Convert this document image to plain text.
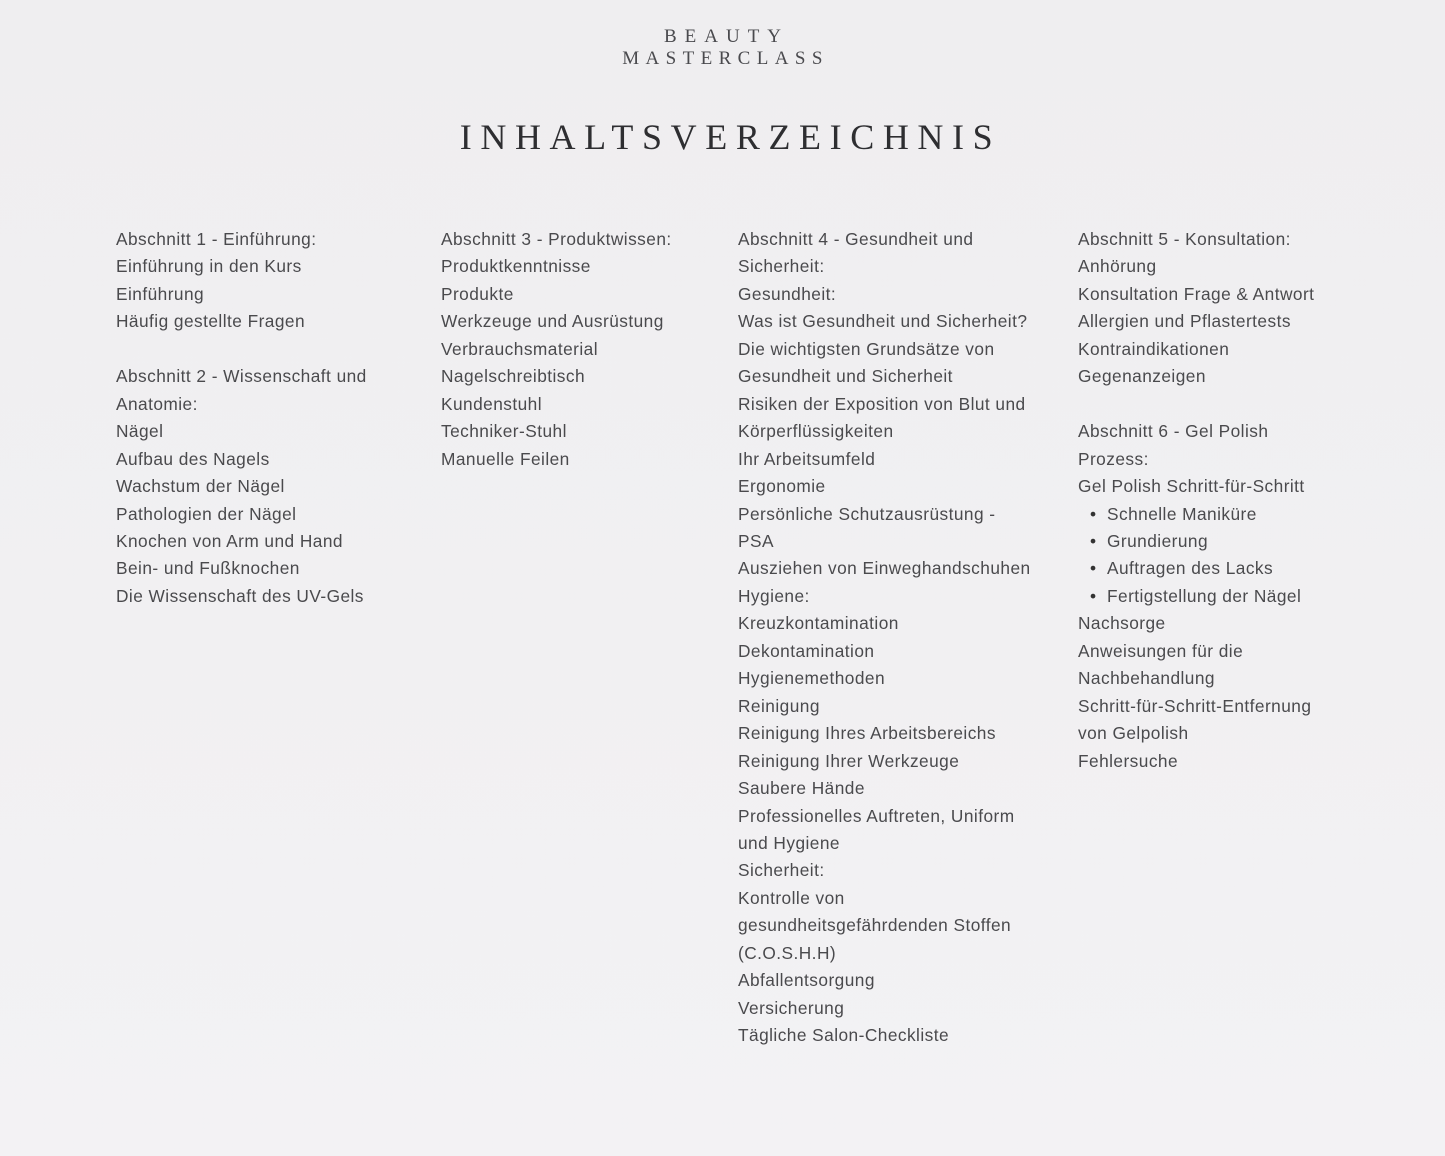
BEAUTY
MASTERCLASS
INHALTSVERZEICHNIS
Abschnitt 1 - Einführung:
Einführung in den Kurs
Einführung
Häufig gestellte Fragen
Abschnitt 2 - Wissenschaft und
Anatomie:
Nägel
Aufbau des Nagels
Wachstum der Nägel
Pathologien der Nägel
Knochen von Arm und Hand
Bein- und Fußknochen
Die Wissenschaft des UV-Gels
Abschnitt 3 - Produktwissen:
Produktkenntnisse
Produkte
Werkzeuge und Ausrüstung
Verbrauchsmaterial
Nagelschreibtisch
Kundenstuhl
Techniker-Stuhl
Manuelle Feilen
Abschnitt 4 - Gesundheit und
Sicherheit:
Gesundheit:
Was ist Gesundheit und Sicherheit?
Die wichtigsten Grundsätze von
Gesundheit und Sicherheit
Risiken der Exposition von Blut und
Körperflüssigkeiten
Ihr Arbeitsumfeld
Ergonomie
Persönliche Schutzausrüstung -
PSA
Ausziehen von Einweghandschuhen
Hygiene:
Kreuzkontamination
Dekontamination
Hygienemethoden
Reinigung
Reinigung Ihres Arbeitsbereichs
Reinigung Ihrer Werkzeuge
Saubere Hände
Professionelles Auftreten, Uniform
und Hygiene
Sicherheit:
Kontrolle von
gesundheitsgefährdenden Stoffen
(C.O.S.H.H)
Abfallentsorgung
Versicherung
Tägliche Salon-Checkliste
Abschnitt 5 - Konsultation:
Anhörung
Konsultation Frage & Antwort
Allergien und Pflastertests
Kontraindikationen
Gegenanzeigen
Abschnitt 6 - Gel Polish
Prozess:
Gel Polish Schritt-für-Schritt
• Schnelle Maniküre
• Grundierung
• Auftragen des Lacks
• Fertigstellung der Nägel
Nachsorge
Anweisungen für die
Nachbehandlung
Schritt-für-Schritt-Entfernung
von Gelpolish
Fehlersuche
